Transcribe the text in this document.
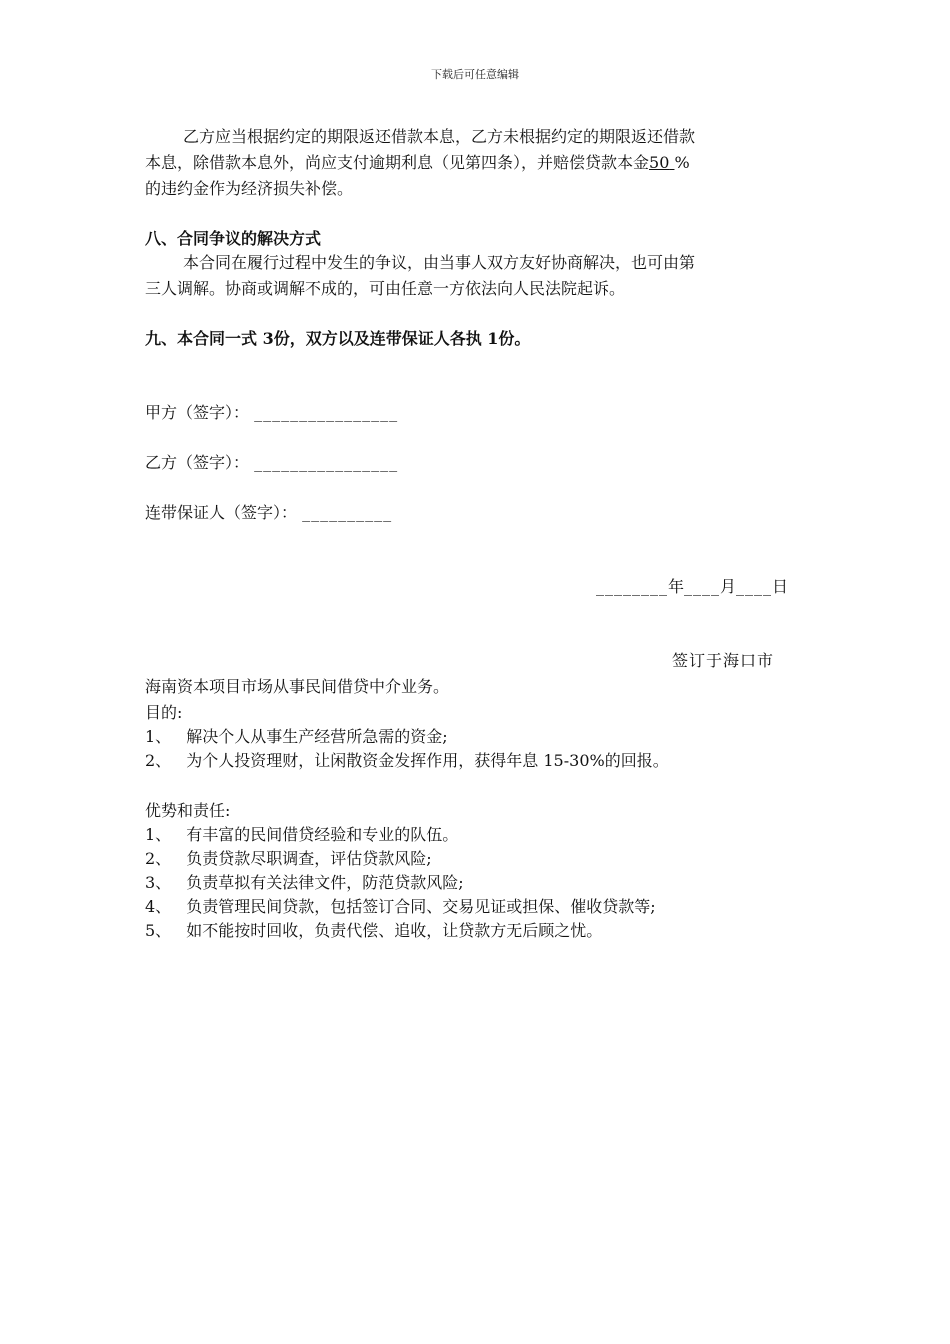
下载后可任意编辑
乙方应当根据约定的期限返还借款本息，乙方未根据约定的期限返还借款
本息，除借款本息外，尚应支付逾期利息（见第四条），并赔偿贷款本金50 %
的违约金作为经济损失补偿。
八、合同争议的解决方式
本合同在履行过程中发生的争议，由当事人双方友好协商解决，也可由第
三人调解。协商或调解不成的，可由任意一方依法向人民法院起诉。
九、本合同一式 3份，双方以及连带保证人各执 1份。
甲方（签字）： ________________
乙方（签字）： ________________
连带保证人（签字）： __________
________年____月____日
签订于海口市
海南资本项目市场从事民间借贷中介业务。
目的:
1、 解决个人从事生产经营所急需的资金;
2、 为个人投资理财，让闲散资金发挥作用，获得年息 15-30%的回报。
优势和责任:
1、 有丰富的民间借贷经验和专业的队伍。
2、 负责贷款尽职调查，评估贷款风险;
3、 负责草拟有关法律文件，防范贷款风险;
4、 负责管理民间贷款，包括签订合同、交易见证或担保、催收贷款等;
5、 如不能按时回收，负责代偿、追收，让贷款方无后顾之忧。
